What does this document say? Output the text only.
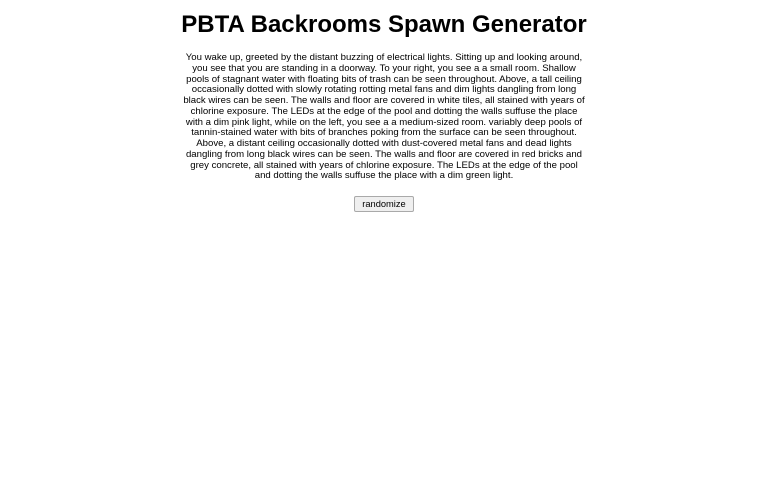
PBTA Backrooms Spawn Generator

You wake up, greeted by the distant buzzing of electrical lights. Sitting up and looking around, you see that you are standing in a doorway. To your right, you see a a small room. Shallow pools of stagnant water with floating bits of trash can be seen throughout. Above, a tall ceiling occasionally dotted with slowly rotating rotting metal fans and dim lights dangling from long black wires can be seen. The walls and floor are covered in white tiles, all stained with years of chlorine exposure. The LEDs at the edge of the pool and dotting the walls suffuse the place with a dim pink light, while on the left, you see a a medium-sized room. variably deep pools of tannin-stained water with bits of branches poking from the surface can be seen throughout. Above, a distant ceiling occasionally dotted with dust-covered metal fans and dead lights dangling from long black wires can be seen. The walls and floor are covered in red bricks and grey concrete, all stained with years of chlorine exposure. The LEDs at the edge of the pool and dotting the walls suffuse the place with a dim green light.

randomize
